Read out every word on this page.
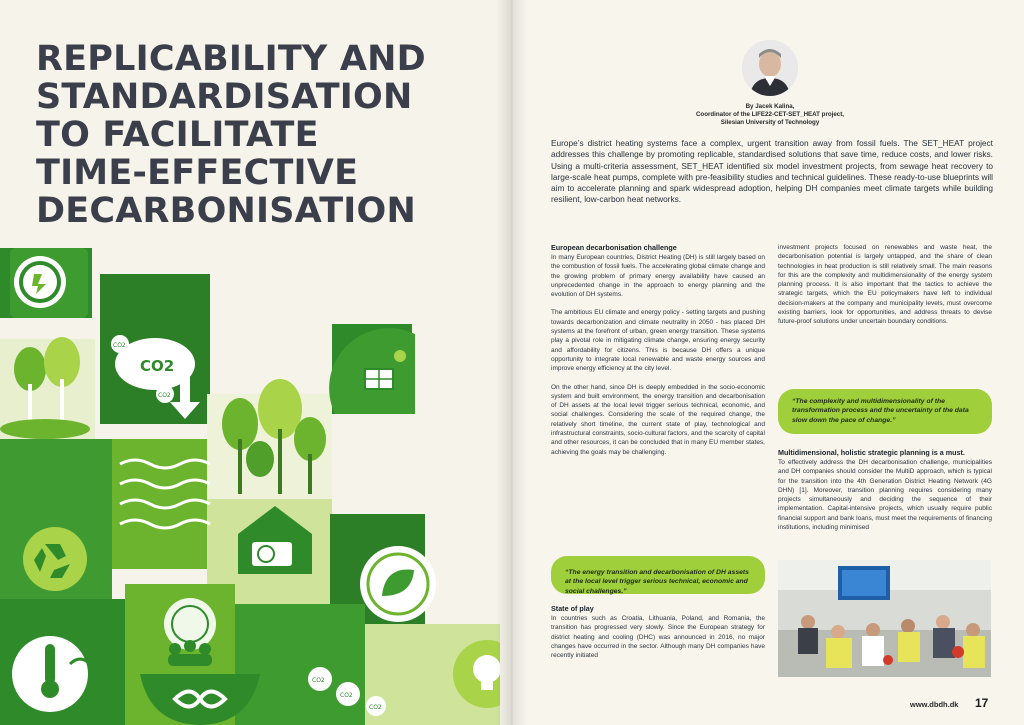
REPLICABILITY AND
STANDARDISATION
TO FACILITATE
TIME-EFFECTIVE
DECARBONISATION
CO2
CO2
CO2
CO2
CO2
CO2
By Jacek Kalina,
Coordinator of the LIFE22-CET-SET_HEAT project,
Silesian University of Technology

Europe’s district heating systems face a complex, urgent transition away from fossil fuels. The SET_HEAT project addresses this challenge by promoting replicable, standardised solutions that save time, reduce costs, and lower risks. Using a multi-criteria assessment, SET_HEAT identified six model investment projects, from sewage heat recovery to large-scale heat pumps, complete with pre-feasibility studies and technical guidelines. These ready-to-use blueprints will aim to accelerate planning and spark widespread adoption, helping DH companies meet climate targets while building resilient, low-carbon heat networks.

European decarbonisation challenge

In many European countries, District Heating (DH) is still largely based on the combustion of fossil fuels. The accelerating global climate change and the growing problem of primary energy availability have caused an unprecedented change in the approach to energy planning and the evolution of DH systems.

The ambitious EU climate and energy policy - setting targets and pushing towards decarbonization and climate neutrality in 2050 - has placed DH systems at the forefront of urban, green energy transition. These systems play a pivotal role in mitigating climate change, ensuring energy security and affordability for citizens. This is because DH offers a unique opportunity to integrate local renewable and waste energy sources and improve energy efficiency at the city level.

On the other hand, since DH is deeply embedded in the socio-economic system and built environment, the energy transition and decarbonisation of DH assets at the local level trigger serious technical, economic, and social challenges. Considering the scale of the required change, the relatively short timeline, the current state of play, technological and infrastructural constraints, socio-cultural factors, and the scarcity of capital and other resources, it can be concluded that in many EU member states, achieving the goals may be challenging.

“The energy transition and decarbonisation of DH assets at the local level trigger serious technical, economic and social challenges.”
State of play

In countries such as Croatia, Lithuania, Poland, and Romania, the transition has progressed very slowly. Since the European strategy for district heating and cooling (DHC) was announced in 2016, no major changes have occurred in the sector. Although many DH companies have recently initiated

investment projects focused on renewables and waste heat, the decarbonisation potential is largely untapped, and the share of clean technologies in heat production is still relatively small. The main reasons for this are the complexity and multidimensionality of the energy system planning process. It is also important that the tactics to achieve the strategic targets, which the EU policymakers have left to individual decision-makers at the company and municipality levels, must overcome existing barriers, look for opportunities, and address threats to devise future-proof solutions under uncertain boundary conditions.

“The complexity and multidimensionality of the transformation process and the uncertainty of the data slow down the pace of change.”
Multidimensional, holistic strategic planning is a must.

To effectively address the DH decarbonisation challenge, municipalities and DH companies should consider the MultiD approach, which is typical for the transition into the 4th Generation District Heating Network (4G DHN) [1]. Moreover, transition planning requires considering many projects simultaneously and deciding the sequence of their implementation. Capital-intensive projects, which usually require public financial support and bank loans, must meet the requirements of financing institutions, including minimised

www.dbdh.dk 17
